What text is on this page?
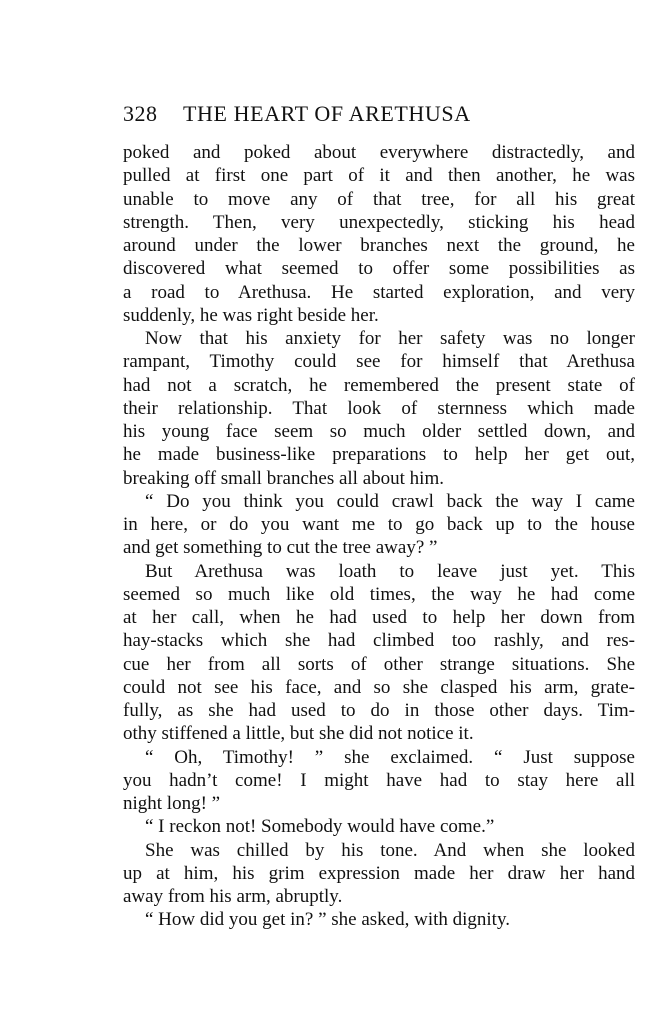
328 THE HEART OF ARETHUSA
poked and poked about everywhere distractedly, and
pulled at first one part of it and then another, he was
unable to move any of that tree, for all his great
strength. Then, very unexpectedly, sticking his head
around under the lower branches next the ground, he
discovered what seemed to offer some possibilities as
a road to Arethusa. He started exploration, and very
suddenly, he was right beside her.
Now that his anxiety for her safety was no longer
rampant, Timothy could see for himself that Arethusa
had not a scratch, he remembered the present state of
their relationship. That look of sternness which made
his young face seem so much older settled down, and
he made business-like preparations to help her get out,
breaking off small branches all about him.
“ Do you think you could crawl back the way I came
in here, or do you want me to go back up to the house
and get something to cut the tree away? ”
But Arethusa was loath to leave just yet. This
seemed so much like old times, the way he had come
at her call, when he had used to help her down from
hay-stacks which she had climbed too rashly, and res-
cue her from all sorts of other strange situations. She
could not see his face, and so she clasped his arm, grate-
fully, as she had used to do in those other days. Tim-
othy stiffened a little, but she did not notice it.
“ Oh, Timothy! ” she exclaimed. “ Just suppose
you hadn’t come! I might have had to stay here all
night long! ”
“ I reckon not! Somebody would have come.”
She was chilled by his tone. And when she looked
up at him, his grim expression made her draw her hand
away from his arm, abruptly.
“ How did you get in? ” she asked, with dignity.
